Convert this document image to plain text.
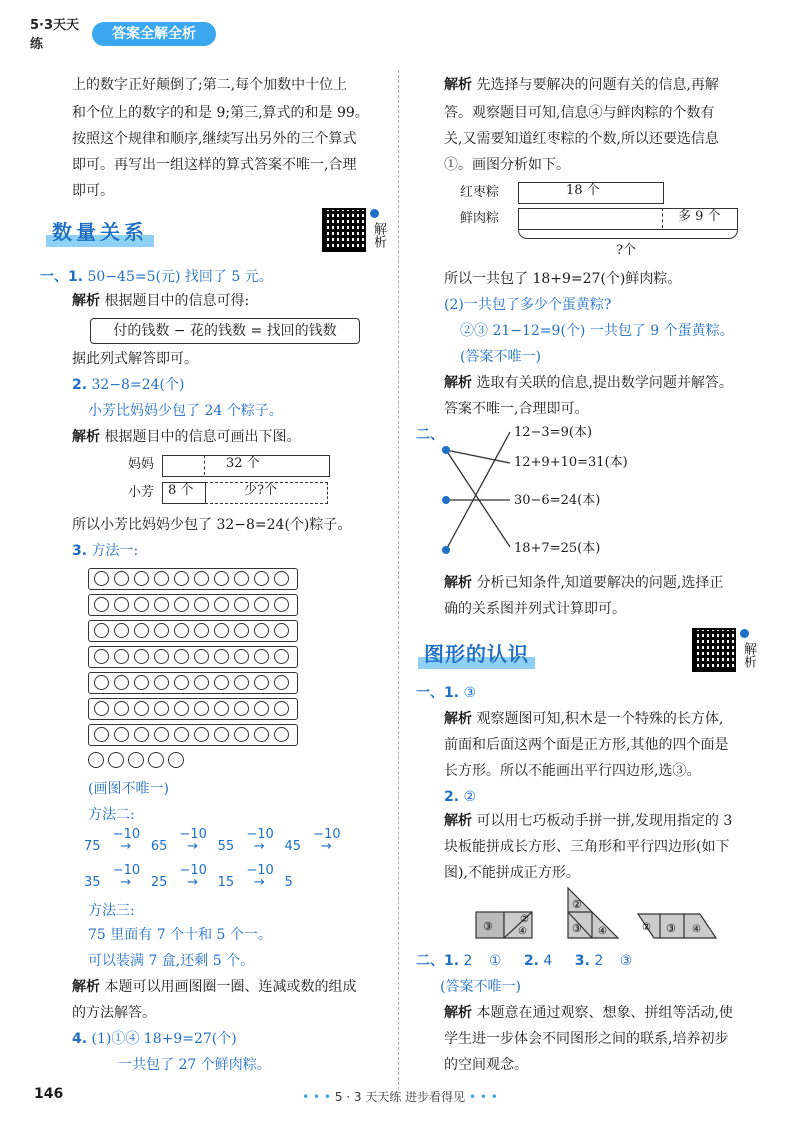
5·3天天练
答案全解全析
上的数字正好颠倒了;第二,每个加数中十位上
和个位上的数字的和是 9;第三,算式的和是 99。
按照这个规律和顺序,继续写出另外的三个算式
即可。再写出一组这样的算式答案不唯一,合理
即可。
数量关系	解析
一、1. 50−45=5(元) 找回了 5 元。
解析 根据题目中的信息可得:
付的钱数 − 花的钱数 = 找回的钱数
据此列式解答即可。
2. 32−8=24(个)
小芳比妈妈少包了 24 个粽子。
解析 根据题目中的信息可画出下图。
妈妈	32 个
小芳 8 个	少?个
所以小芳比妈妈少包了 32−8=24(个)粽子。
3. 方法一:
(画图不唯一)
方法二:
75
−10
→ 65
−10
→ 55
−10
→ 45
−10
→
35
−10
→ 25
−10
→ 15
−10
→ 5
方法三:
75 里面有 7 个十和 5 个一。
可以装满 7 盒,还剩 5 个。
解析 本题可以用画图圈一圈、连减或数的组成
的方法解答。
4. (1)①④ 18+9=27(个)
一共包了 27 个鲜肉粽。
解析 先选择与要解决的问题有关的信息,再解
答。观察题目可知,信息④与鲜肉粽的个数有
关,又需要知道红枣粽的个数,所以还要选信息
①。画图分析如下。
红枣粽	18 个
鲜肉粽	多 9 个
?个
所以一共包了 18+9=27(个)鲜肉粽。
(2)一共包了多少个蛋黄粽?
②③ 21−12=9(个) 一共包了 9 个蛋黄粽。
(答案不唯一)
解析 选取有关联的信息,提出数学问题并解答。
答案不唯一,合理即可。
二、	12−3=9(本)
12+9+10=31(本)
30−6=24(本)
18+7=25(本)
解析 分析已知条件,知道要解决的问题,选择正
确的关系图并列式计算即可。
图形的认识	解析
一、1. ③
解析 观察题图可知,积木是一个特殊的长方体,
前面和后面这两个面是正方形,其他的四个面是
长方形。所以不能画出平行四边形,选③。
2. ②
解析 可以用七巧板动手拼一拼,发现用指定的 3
块板能拼成长方形、三角形和平行四边形(如下
图),不能拼成正方形。
③	④
②
②
③ ④	② ③ ④
二、1. 2 ① 2. 4 3. 2 ③
(答案不唯一)
解析 本题意在通过观察、想象、拼组等活动,使
学生进一步体会不同图形之间的联系,培养初步
的空间观念。
146	• • • 5 · 3 天天练 进步看得见 • • •
